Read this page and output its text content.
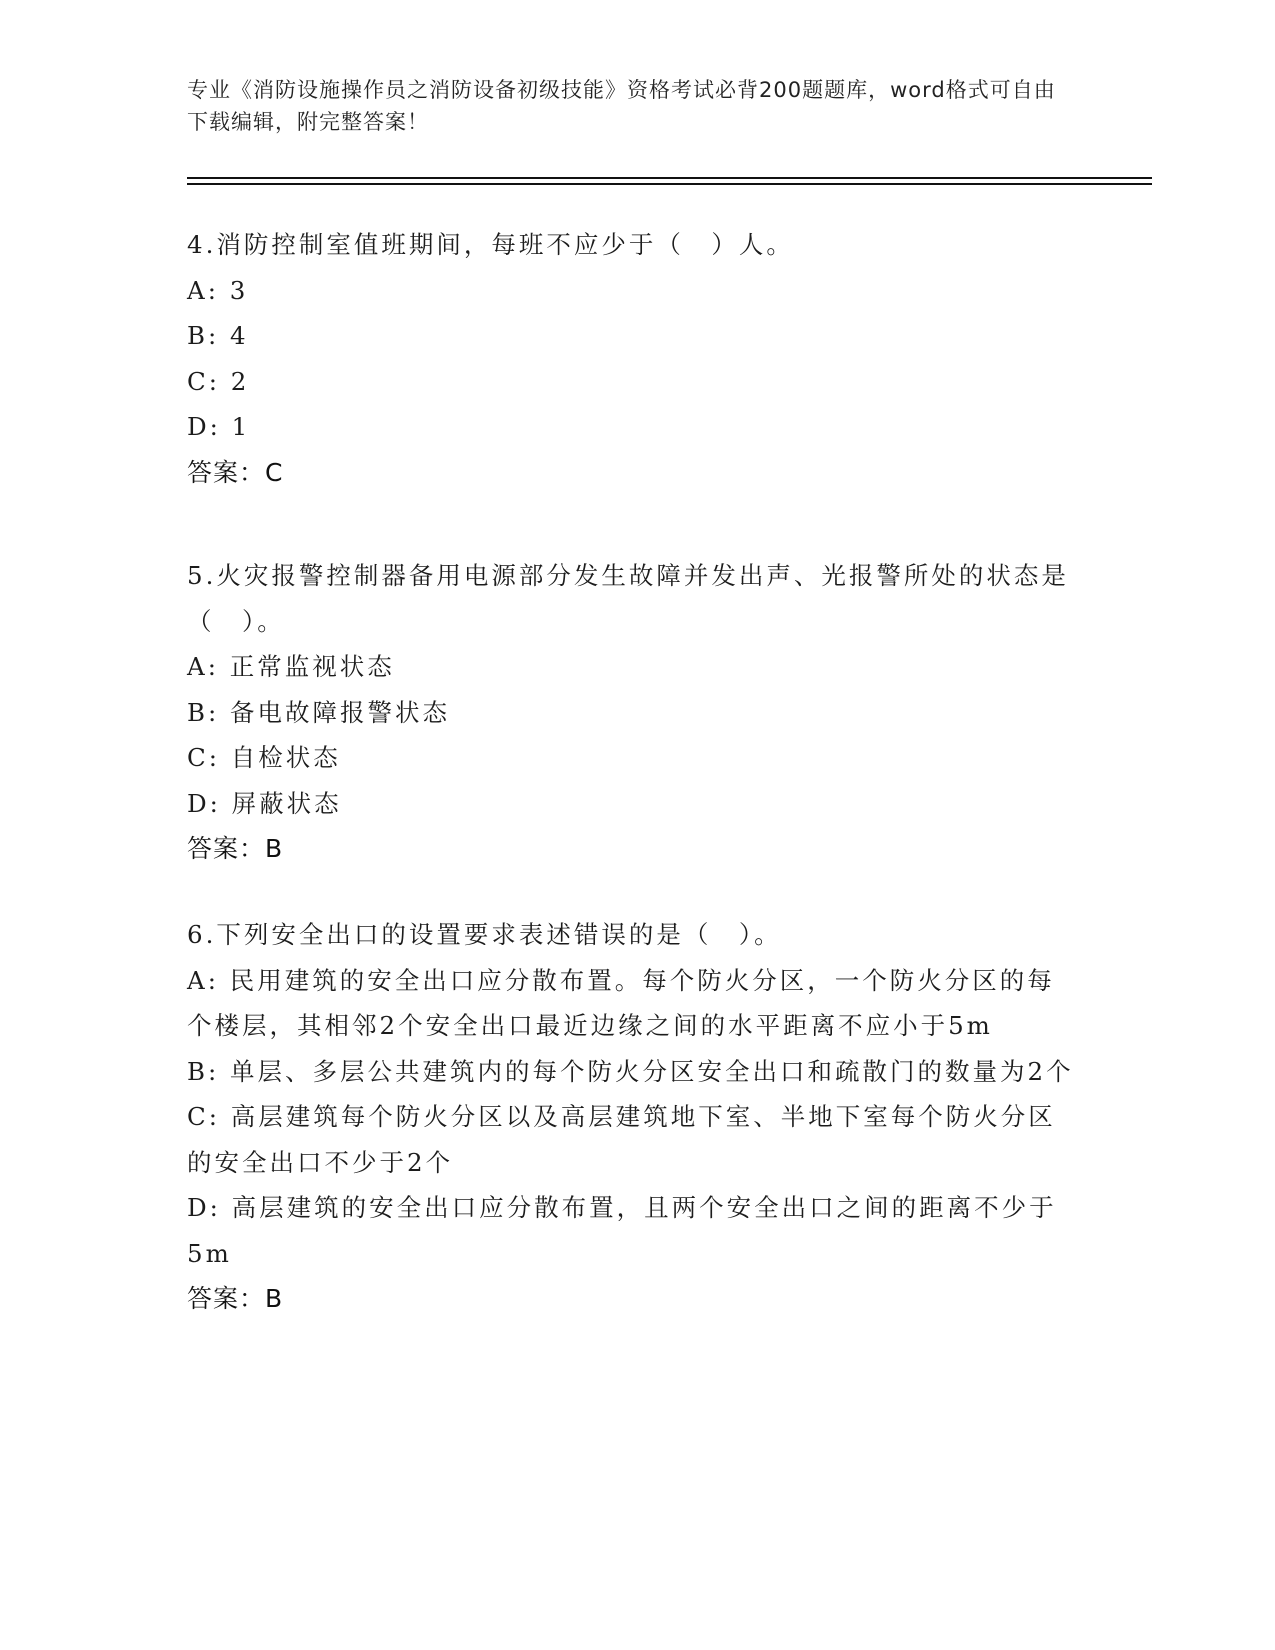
专业《消防设施操作员之消防设备初级技能》资格考试必背200题题库，word格式可自由下载编辑，附完整答案！
4.消防控制室值班期间，每班不应少于（　）人。
A: 3
B: 4
C: 2
D: 1
答案：C
5.火灾报警控制器备用电源部分发生故障并发出声、光报警所处的状态是（　）。
A: 正常监视状态
B: 备电故障报警状态
C: 自检状态
D: 屏蔽状态
答案：B
6.下列安全出口的设置要求表述错误的是（　）。
A: 民用建筑的安全出口应分散布置。每个防火分区，一个防火分区的每个楼层，其相邻2个安全出口最近边缘之间的水平距离不应小于5m
B: 单层、多层公共建筑内的每个防火分区安全出口和疏散门的数量为2个
C: 高层建筑每个防火分区以及高层建筑地下室、半地下室每个防火分区的安全出口不少于2个
D: 高层建筑的安全出口应分散布置，且两个安全出口之间的距离不少于5m
答案：B
